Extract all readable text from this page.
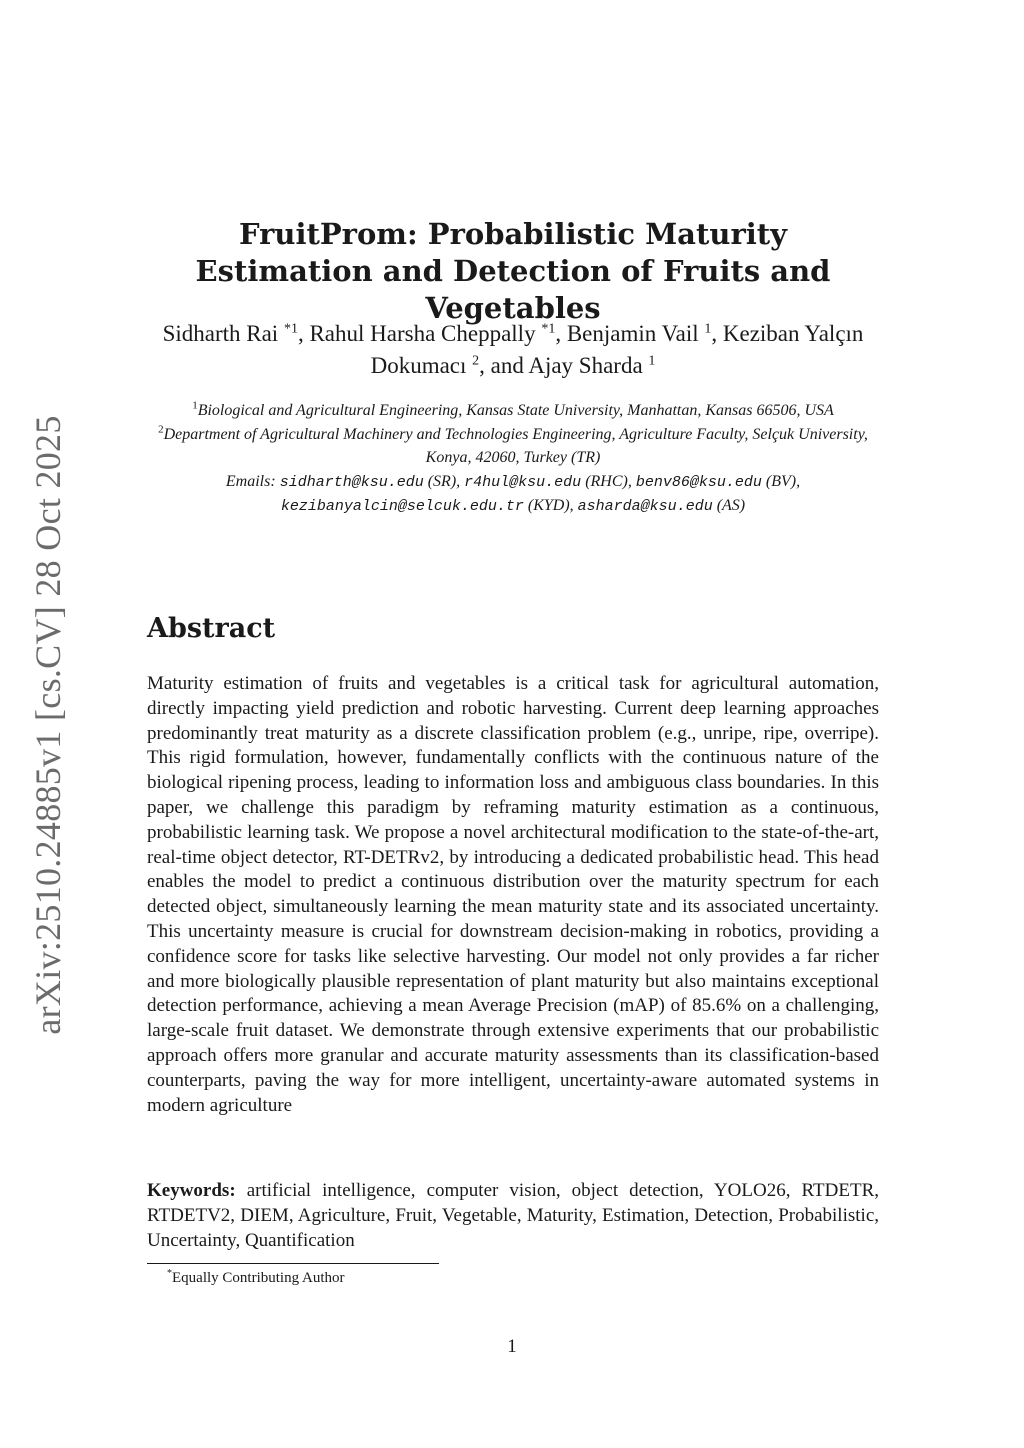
arXiv:2510.24885v1 [cs.CV] 28 Oct 2025
FruitProm: Probabilistic Maturity Estimation and Detection of Fruits and Vegetables
Sidharth Rai $^{*1}$, Rahul Harsha Cheppally $^{*1}$, Benjamin Vail $^1$, Keziban Yalçın Dokumacı $^2$, and Ajay Sharda $^1$
$^1$Biological and Agricultural Engineering, Kansas State University, Manhattan, Kansas 66506, USA
$^2$Department of Agricultural Machinery and Technologies Engineering, Agriculture Faculty, Selçuk University, Konya, 42060, Turkey (TR)
Emails: sidharth@ksu.edu (SR), r4hul@ksu.edu (RHC), benv86@ksu.edu (BV), kezibanyalcin@selcuk.edu.tr (KYD), asharda@ksu.edu (AS)
Abstract
Maturity estimation of fruits and vegetables is a critical task for agricultural automation, directly impacting yield prediction and robotic harvesting. Current deep learning approaches predominantly treat maturity as a discrete classification problem (e.g., unripe, ripe, overripe). This rigid formulation, however, fundamentally conflicts with the continuous nature of the biological ripening process, leading to information loss and ambiguous class boundaries. In this paper, we challenge this paradigm by reframing maturity estimation as a continuous, probabilistic learning task. We propose a novel architectural modification to the state-of-the-art, real-time object detector, RT-DETRv2, by introducing a dedicated probabilistic head. This head enables the model to predict a continuous distribution over the maturity spectrum for each detected object, simultaneously learning the mean maturity state and its associated uncertainty. This uncertainty measure is crucial for downstream decision-making in robotics, providing a confidence score for tasks like selective harvesting. Our model not only provides a far richer and more biologically plausible representation of plant maturity but also maintains exceptional detection performance, achieving a mean Average Precision (mAP) of 85.6% on a challenging, large-scale fruit dataset. We demonstrate through extensive experiments that our probabilistic approach offers more granular and accurate maturity assessments than its classification-based counterparts, paving the way for more intelligent, uncertainty-aware automated systems in modern agriculture
Keywords: artificial intelligence, computer vision, object detection, YOLO26, RTDETR, RTDETV2, DIEM, Agriculture, Fruit, Vegetable, Maturity, Estimation, Detection, Probabilistic, Uncertainty, Quantification
*Equally Contributing Author
1
